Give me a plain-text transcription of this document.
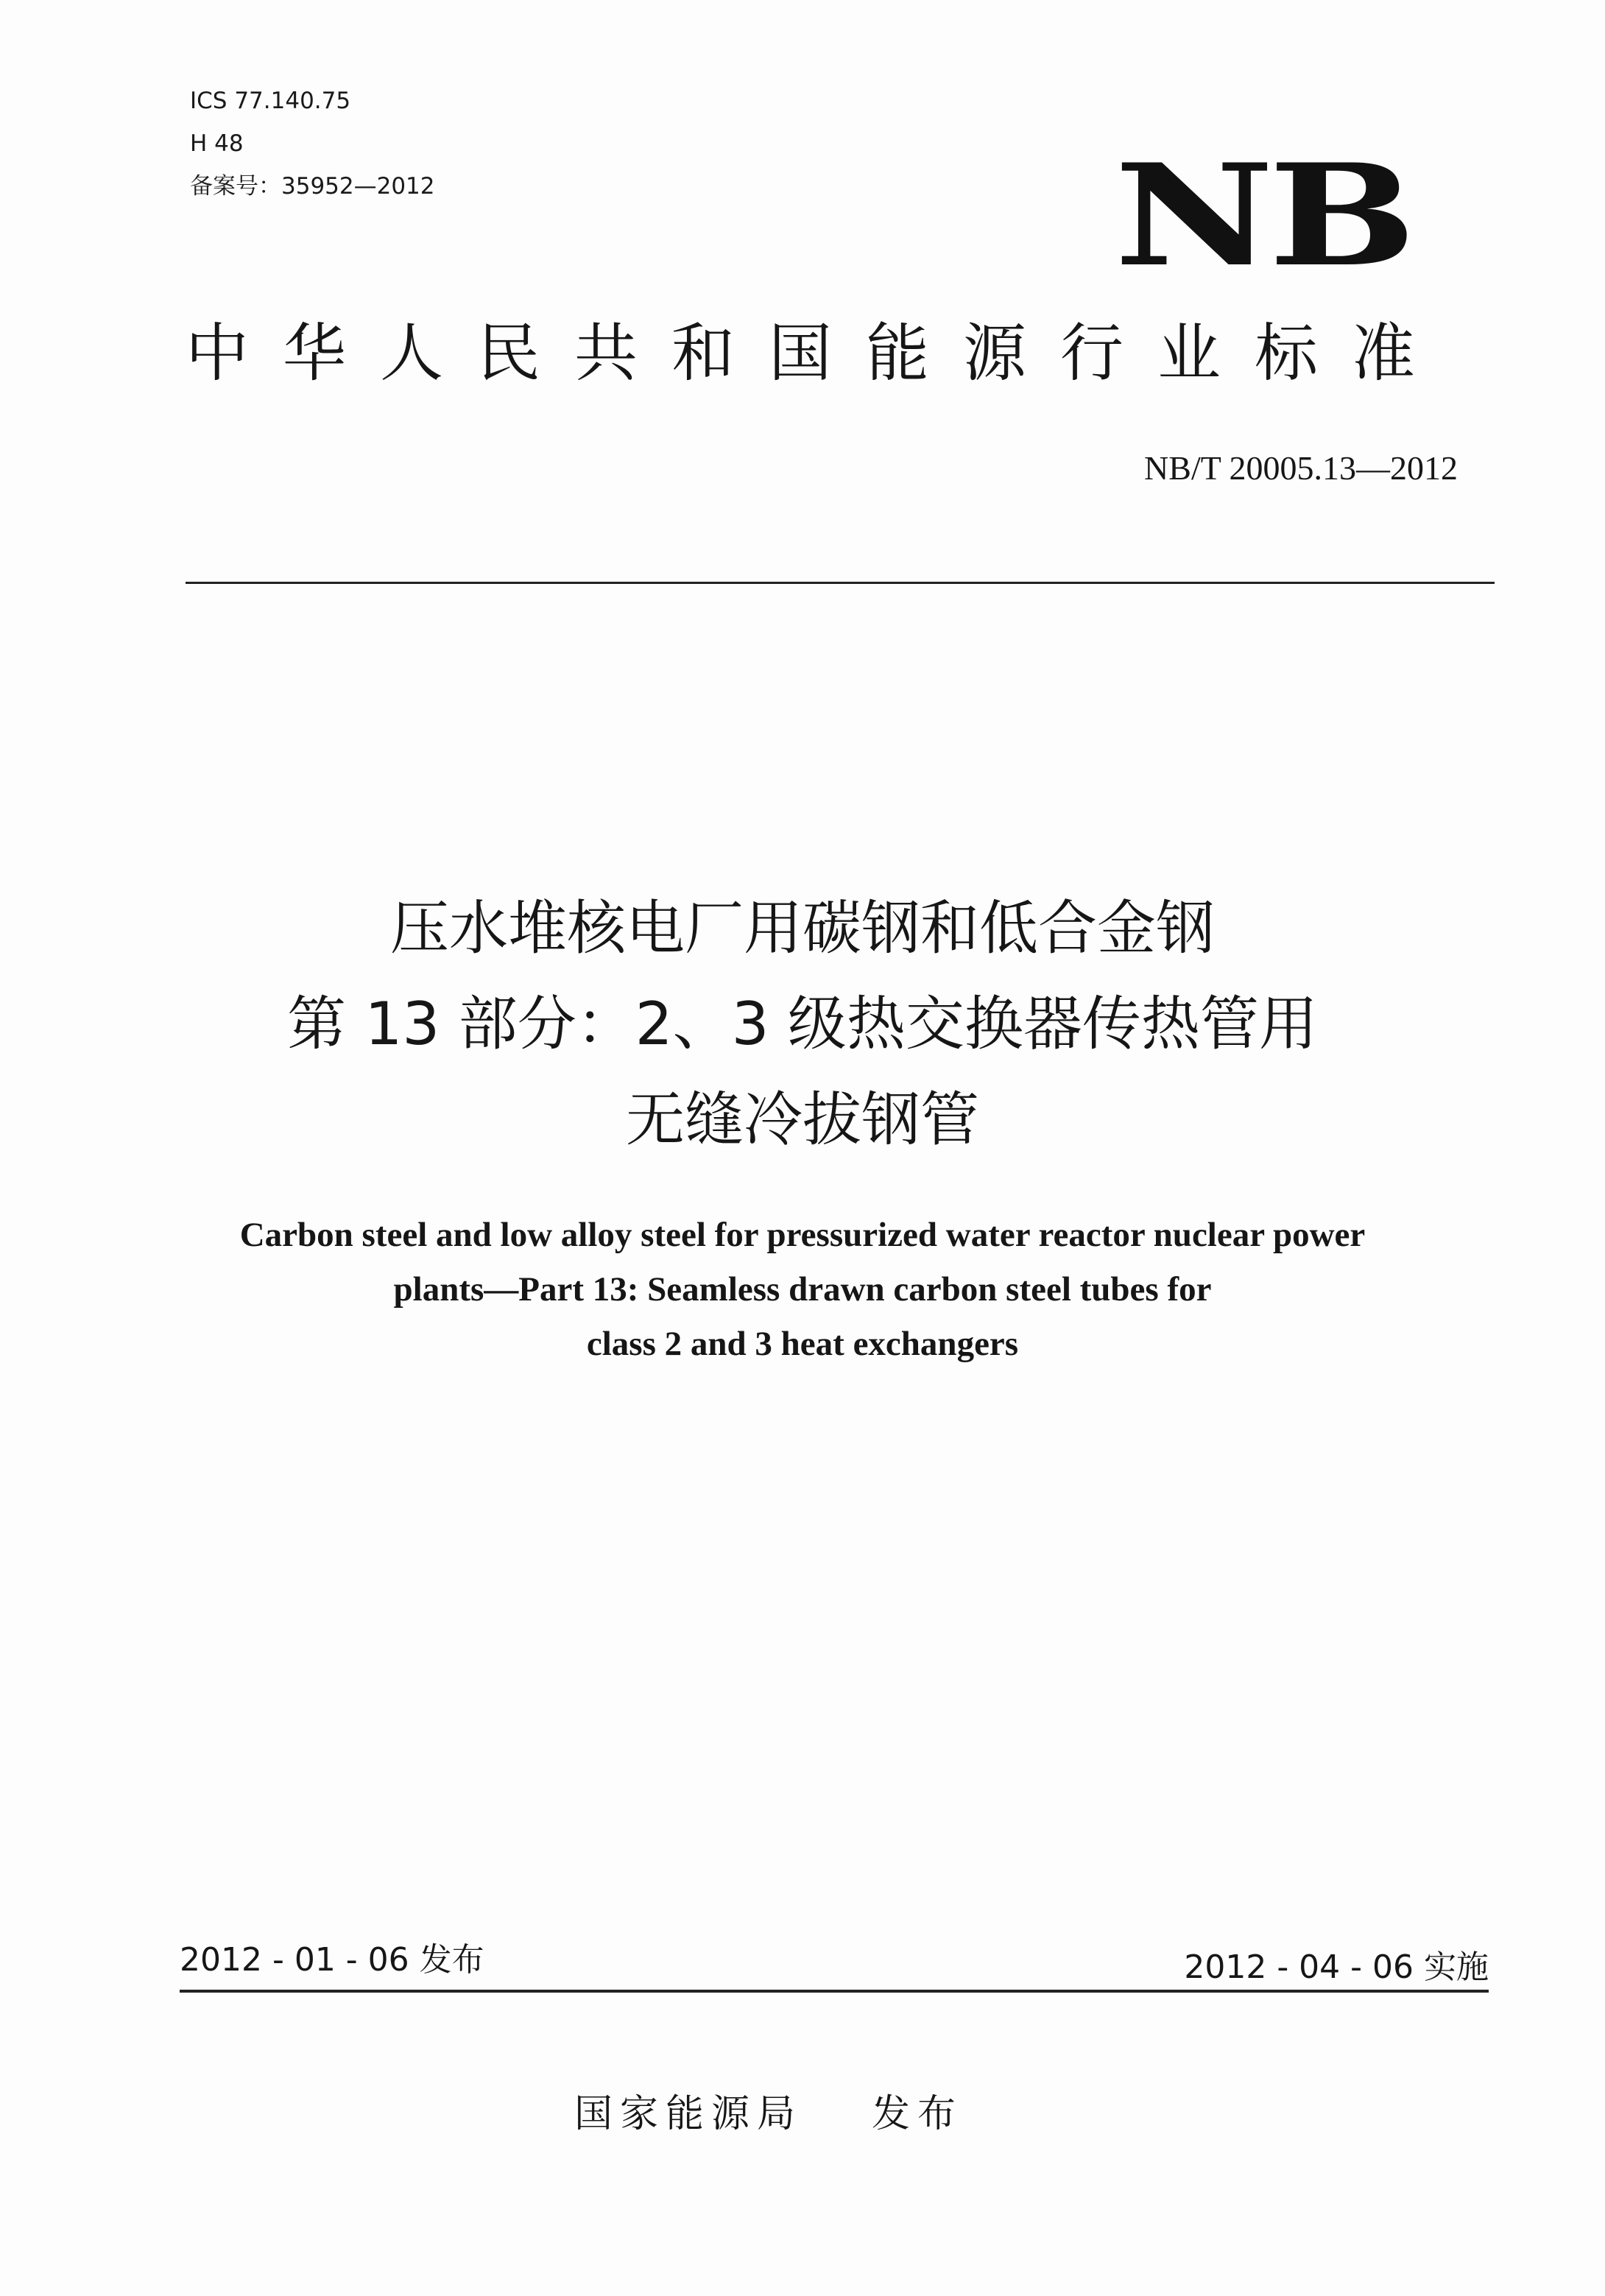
ICS 77.140.75
H 48
备案号：35952—2012	NB
中华人民共和国能源行业标准
NB/T 20005.13—2012
压水堆核电厂用碳钢和低合金钢
第 13 部分：2、3 级热交换器传热管用
无缝冷拔钢管
Carbon steel and low alloy steel for pressurized water reactor nuclear power
plants—Part 13: Seamless drawn carbon steel tubes for
class 2 and 3 heat exchangers
2012 - 01 - 06 发布	2012 - 04 - 06 实施
国家能源局 发布
